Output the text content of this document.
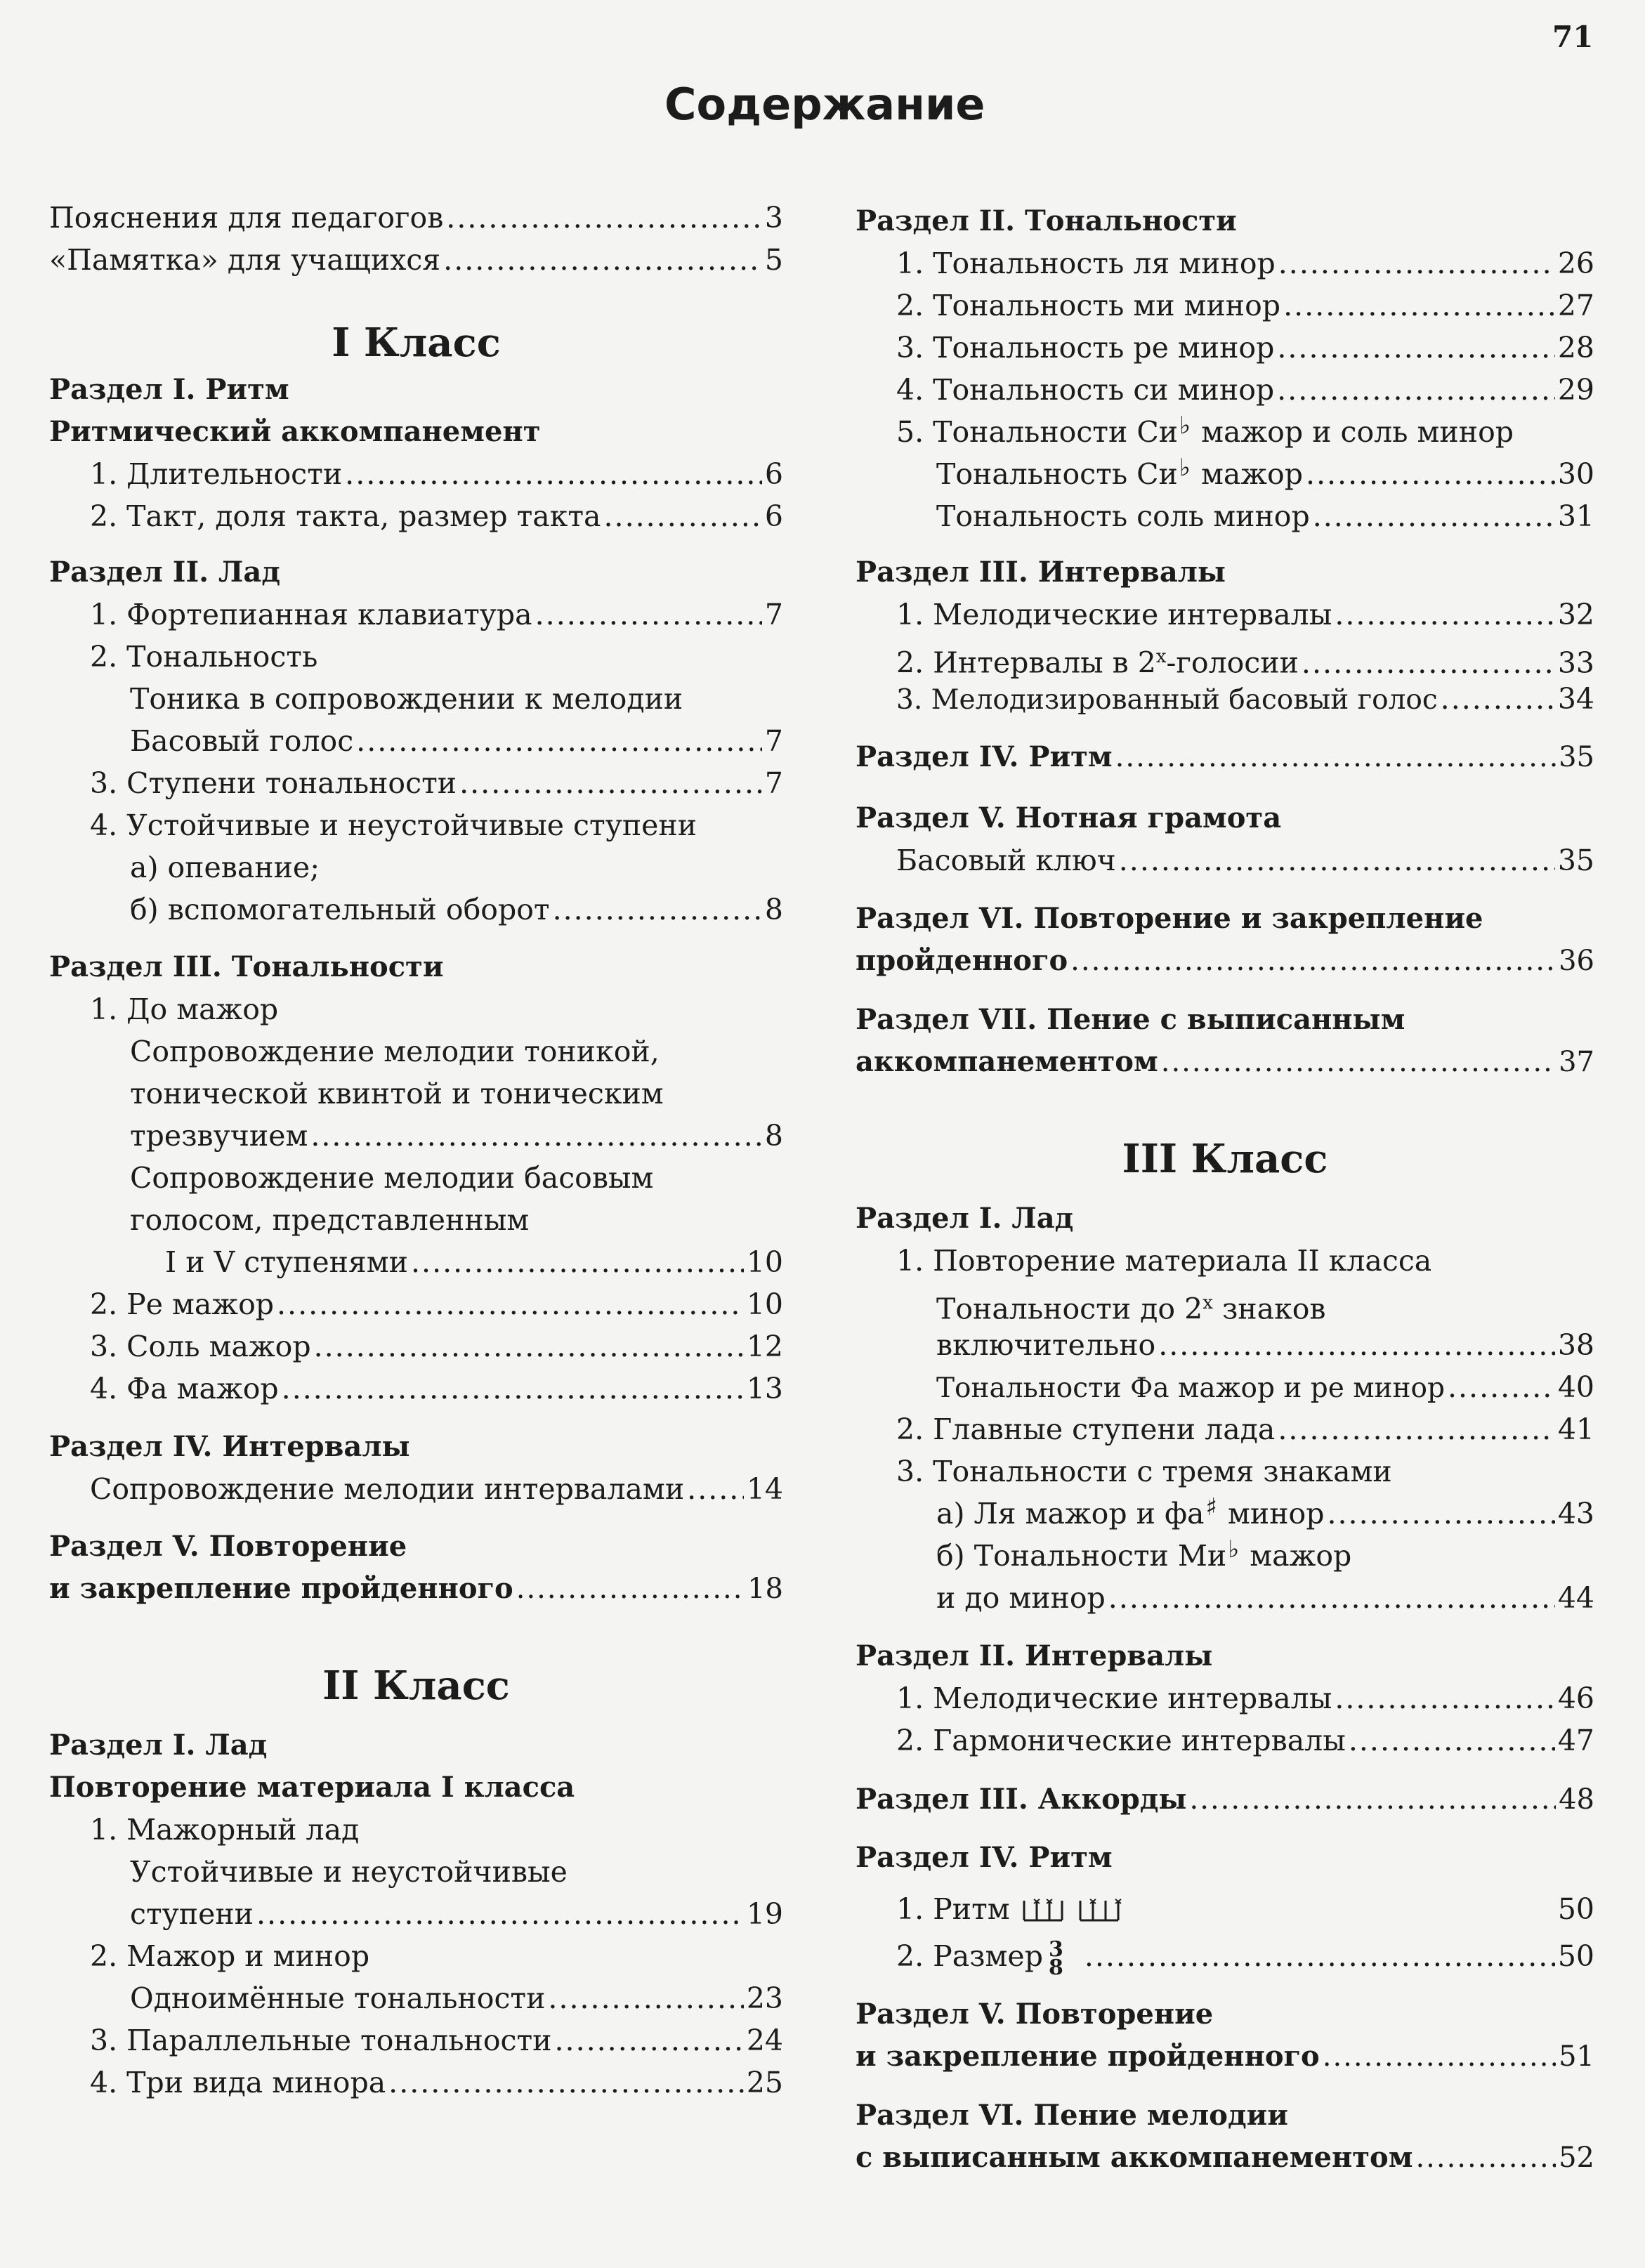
71
Содержание
Пояснения для педагогов .....	3
«Памятка» для учащихся .....	5
I Класс
Раздел I. Ритм
Ритмический аккомпанемент
1. Длительности .....	6
2. Такт, доля такта, размер такта .....	6
Раздел II. Лад
1. Фортепианная клавиатура .....	7
2. Тональность
Тоника в сопровождении к мелодии
Басовый голос .....	7
3. Ступени тональности .....	7
4. Устойчивые и неустойчивые ступени
а) опевание;
б) вспомогательный оборот .....	8
Раздел III. Тональности
1. До мажор
Сопровождение мелодии тоникой,
тонической квинтой и тоническим
трезвучием .....	8
Сопровождение мелодии басовым
голосом, представленным
I и V ступенями .....	10
2. Ре мажор .....	10
3. Соль мажор .....	12
4. Фа мажор .....	13
Раздел IV. Интервалы
Сопровождение мелодии интервалами ..... 14
Раздел V. Повторение
и закрепление пройденного .....	18
II Класс
Раздел I. Лад
Повторение материала I класса
1. Мажорный лад
Устойчивые и неустойчивые
ступени .....	19
2. Мажор и минор
Одноимённые тональности .....	23
3. Параллельные тональности .....	24
4. Три вида минора .....	25
Раздел II. Тональности
1. Тональность ля минор .....	26
2. Тональность ми минор .....	27
3. Тональность ре минор .....	28
4. Тональность си минор .....	29
5. Тональности Си♭ мажор и соль минор
Тональность Си♭ мажор .....	30
Тональность соль минор .....	31
Раздел III. Интервалы
1. Мелодические интервалы .....	32
2. Интервалы в $2^х$-голосии .....	33
3. Мелодизированный басовый голос .....	34
Раздел IV. Ритм .....	35
Раздел V. Нотная грамота
Басовый ключ .....	35
Раздел VI. Повторение и закрепление
пройденного .....	36
Раздел VII. Пение с выписанным
аккомпанементом .....	37
III Класс
Раздел I. Лад
1. Повторение материала II класса
Тональности до $2^х$ знаков
включительно .....	38
Тональности Фа мажор и ре минор .....	40
2. Главные ступени лада .....	41
3. Тональности с тремя знаками
а) Ля мажор и фа♯ минор .....	43
б) Тональности Ми♭ мажор
и до минор .....	44
Раздел II. Интервалы
1. Мелодические интервалы .....	46
2. Гармонические интервалы .....	47
Раздел III. Аккорды .....	48
Раздел IV. Ритм
1. Ритм	50
2. Размер 3
8 .....	50
Раздел V. Повторение
и закрепление пройденного .....	51
Раздел VI. Пение мелодии
с выписанным аккомпанементом .....	52
